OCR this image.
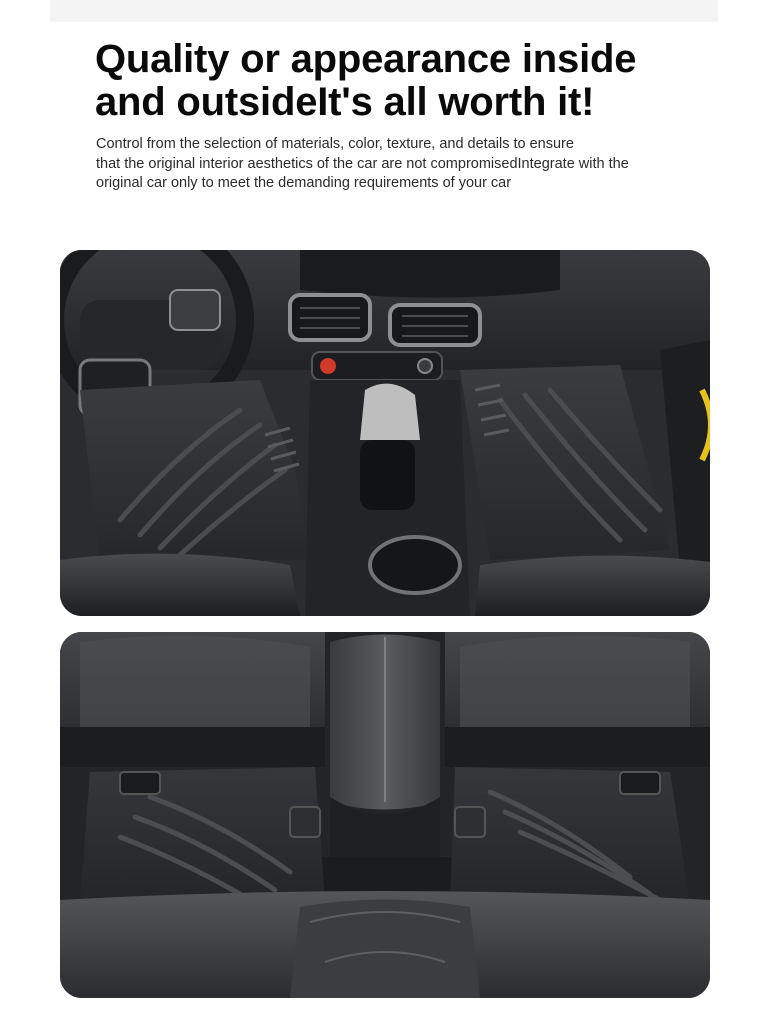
Quality or appearance inside
and outsideIt's all worth it!

Control from the selection of materials, color, texture, and details to ensure
that the original interior aesthetics of the car are not compromisedIntegrate with the
original car only to meet the demanding requirements of your car
